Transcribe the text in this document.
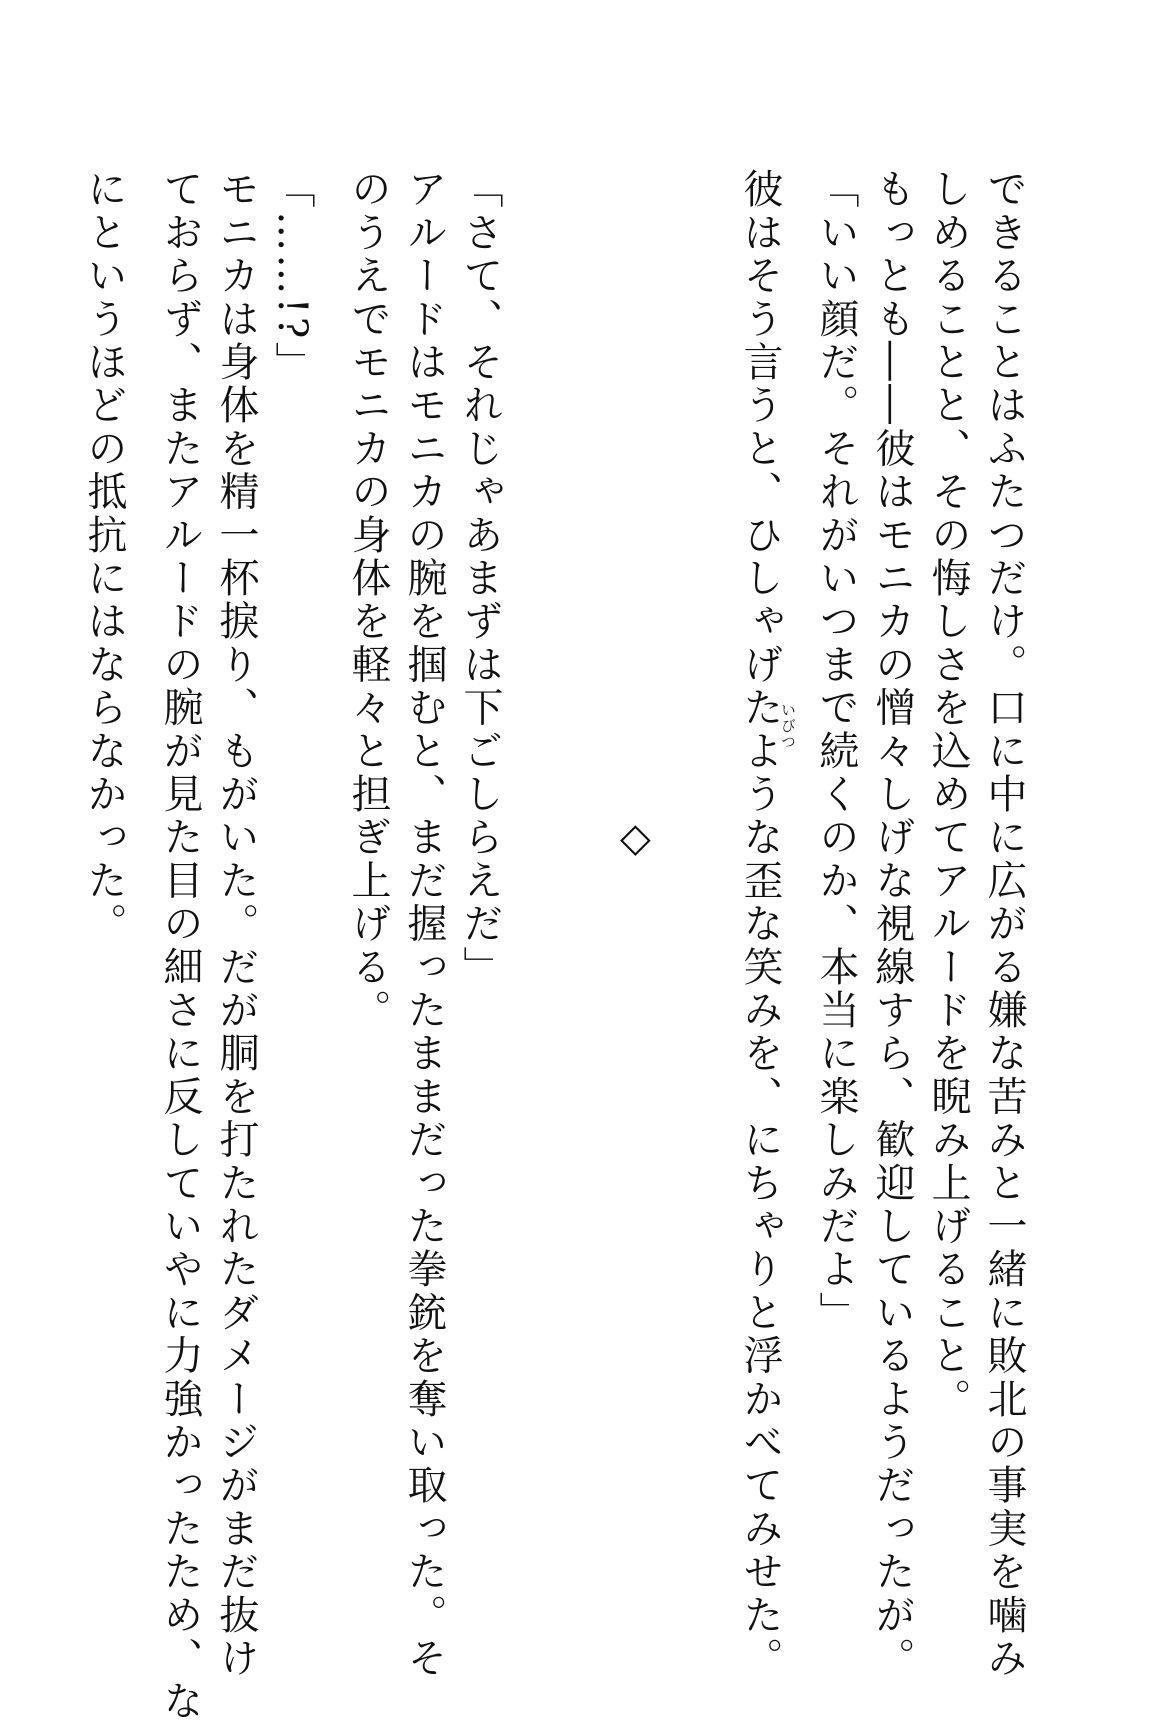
できることはふたつだけ。口に中に広がる嫌な苦みと一緒に敗北の事実を噛み
しめることと、その悔しさを込めてアルードを睨み上げること。
もっとも――彼はモニカの憎々しげな視線すら、歓迎しているようだったが。
「いい顔だ。それがいつまで続くのか、本当に楽しみだよ」
彼はそう言うと、ひしゃげたような歪な笑みを、にちゃりと浮かべてみせた。
いびつ
◇
「さて、それじゃあまずは下ごしらえだ」
アルードはモニカの腕を掴むと、まだ握ったままだった拳銃を奪い取った。そ
のうえでモニカの身体を軽々と担ぎ上げる。
「……!?」
モニカは身体を精一杯捩り、もがいた。だが胴を打たれたダメージがまだ抜け
ておらず、またアルードの腕が見た目の細さに反していやに力強かったため、な
にというほどの抵抗にはならなかった。
